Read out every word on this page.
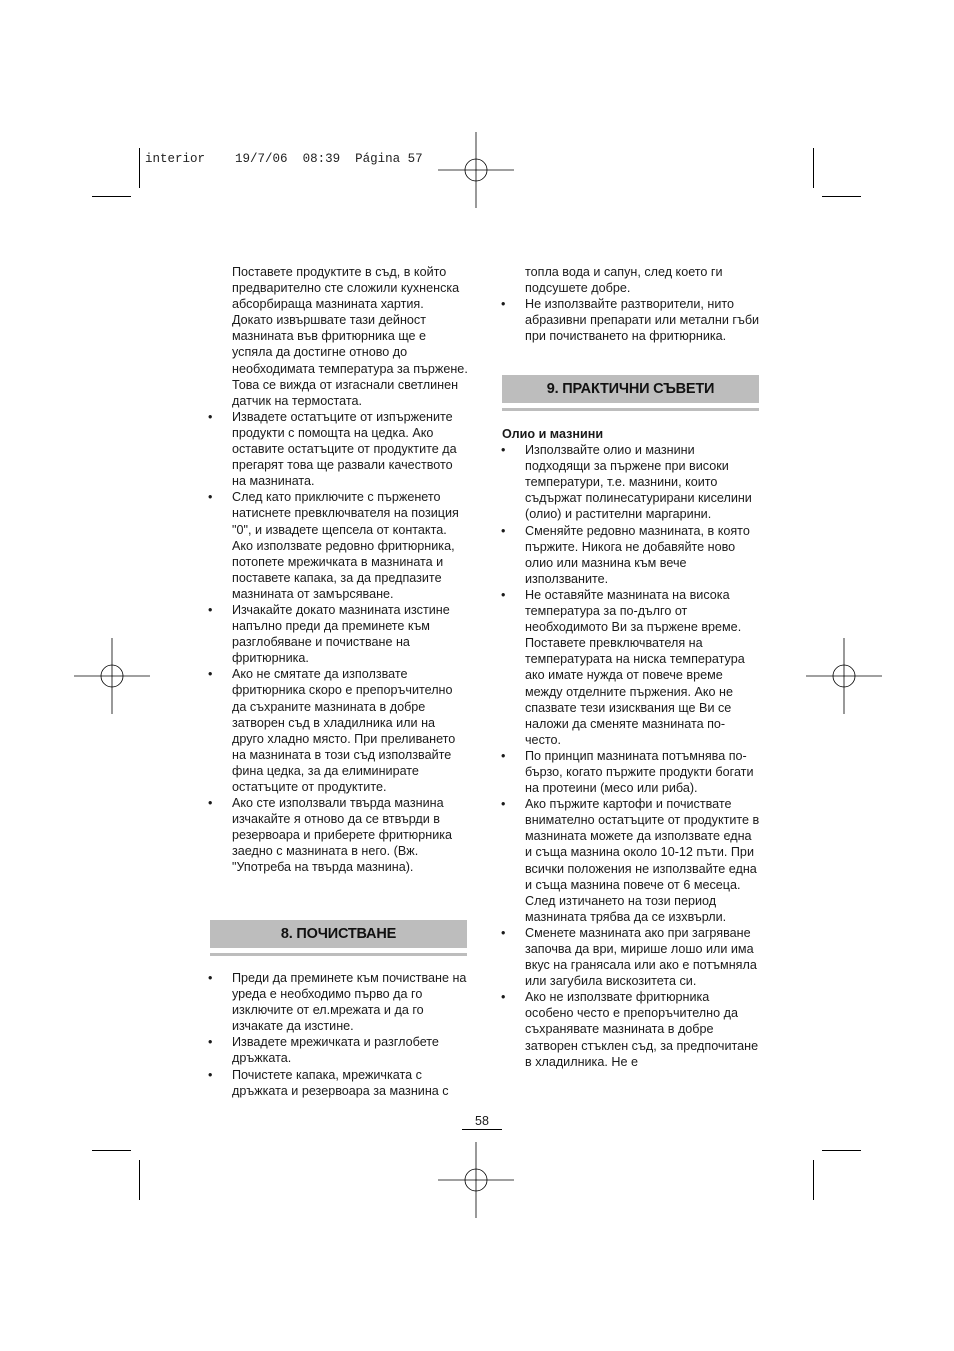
interior 19/7/06 08:39 Página 57

Поставете продуктите в съд, в който предварително сте сложили кухненска абсорбираща мазнината хартия. Докато извършвате тази дейност мазнината във фритюрника ще е успяла да достигне отново до необходимата температура за пържене. Това се вижда от изгаснали светлинен датчик на термостата.

• Извадете остатъците от изпържените продукти с помощта на цедка. Ако оставите остатъците от продуктите да прегарят това ще развали качеството на мазнината.
• След като приключите с пърженето натиснете превключвателя на позиция "0", и извадете щепсела от контакта. Ако използвате редовно фритюрника, потопете мрежичката в мазнината и поставете капака, за да предпазите мазнината от замърсяване.
• Изчакайте докато мазнината изстине напълно преди да преминете към разглобяване и почистване на фритюрника.
• Ако не смятате да използвате фритюрника скоро е препоръчително да съхраните мазнината в добре затворен съд в хладилника или на друго хладно място. При преливането на мазнината в този съд използвайте фина цедка, за да елиминирате остатъците от продуктите.
• Ако сте използвали твърда мазнина изчакайте я отново да се втвърди в резервоара и приберете фритюрника заедно с мазнината в него. (Вж. "Употреба на твърда мазнина).
8. ПОЧИСТВАНЕ
• Преди да преминете към почистване на уреда е необходимо първо да го изключите от ел.мрежата и да го изчакате да изстине.
• Извадете мрежичката и разглобете дръжката.
• Почистете капака, мрежичката с дръжката и резервоара за мазнина с

топла вода и сапун, след което ги подсушете добре.

• Не използвайте разтворители, нито абразивни препарати или метални гъби при почистването на фритюрника.
9. ПРАКТИЧНИ СЪВЕТИ

Олио и мазнини

• Използвайте олио и мазнини подходящи за пържене при високи температури, т.е. мазнини, които съдържат полинесатурирани киселини (олио) и растителни маргарини.
• Сменяйте редовно мазнината, в която пържите. Никога не добавяйте ново олио или мазнина към вече използваните.
• Не оставяйте мазнината на висока температура за по-дълго от необходимото Ви за пържене време. Поставете превключвателя на температурата на ниска температура ако имате нужда от повече време между отделните пържения. Ако не спазвате тези изисквания ще Ви се наложи да сменяте мазнината по-често.
• По принцип мазнината потъмнява по-бързо, когато пържите продукти богати на протеини (месо или риба).
• Ако пържите картофи и почиствате внимателно остатъците от продуктите в мазнината можете да използвате една и съща мазнина около 10-12 пъти. При всички положения не използвайте една и съща мазнина повече от 6 месеца. След изтичането на този период мазнината трябва да се изхвърли.
• Сменете мазнината ако при загряване започва да ври, мирише лошо или има вкус на гранясала или ако е потъмняла или загубила вискозитета си.
• Ако не използвате фритюрника особено често е препоръчително да съхранявате мазнината в добре затворен стъклен съд, за предпочитане в хладилника. Не е
58
